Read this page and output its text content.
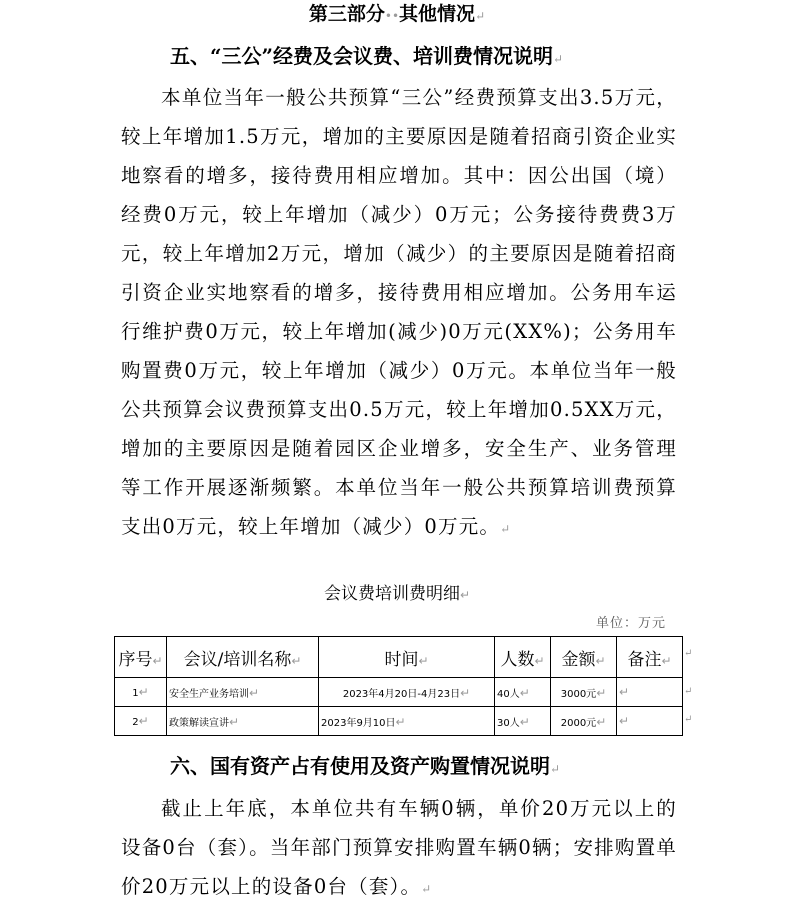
第三部分••其他情况↵
五、“三公”经费及会议费、培训费情况说明↵
本单位当年一般公共预算“三公”经费预算支出3.5万元，较上年增加1.5万元，增加的主要原因是随着招商引资企业实地察看的增多，接待费用相应增加。其中：因公出国（境）经费0万元，较上年增加（减少）0万元；公务接待费费3万元，较上年增加2万元，增加（减少）的主要原因是随着招商引资企业实地察看的增多，接待费用相应增加。公务用车运行维护费0万元，较上年增加(减少)0万元(XX%)；公务用车购置费0万元，较上年增加（减少）0万元。本单位当年一般公共预算会议费预算支出0.5万元，较上年增加0.5XX万元，增加的主要原因是随着园区企业增多，安全生产、业务管理等工作开展逐渐频繁。本单位当年一般公共预算培训费预算支出0万元，较上年增加（减少）0万元。↵
会议费培训费明细↵
单位：万元
序号↵	会议/培训名称↵	时间↵	人数↵	金额↵	备注↵
1↵	安全生产业务培训↵	2023年4月20日-4月23日↵	40人↵	3000元↵	↵
2↵	政策解读宣讲↵	2023年9月10日↵	30人↵	2000元↵	↵
↵
↵
↵
六、国有资产占有使用及资产购置情况说明↵
截止上年底，本单位共有车辆0辆，单价20万元以上的设备0台（套）。当年部门预算安排购置车辆0辆；安排购置单价20万元以上的设备0台（套）。↵
